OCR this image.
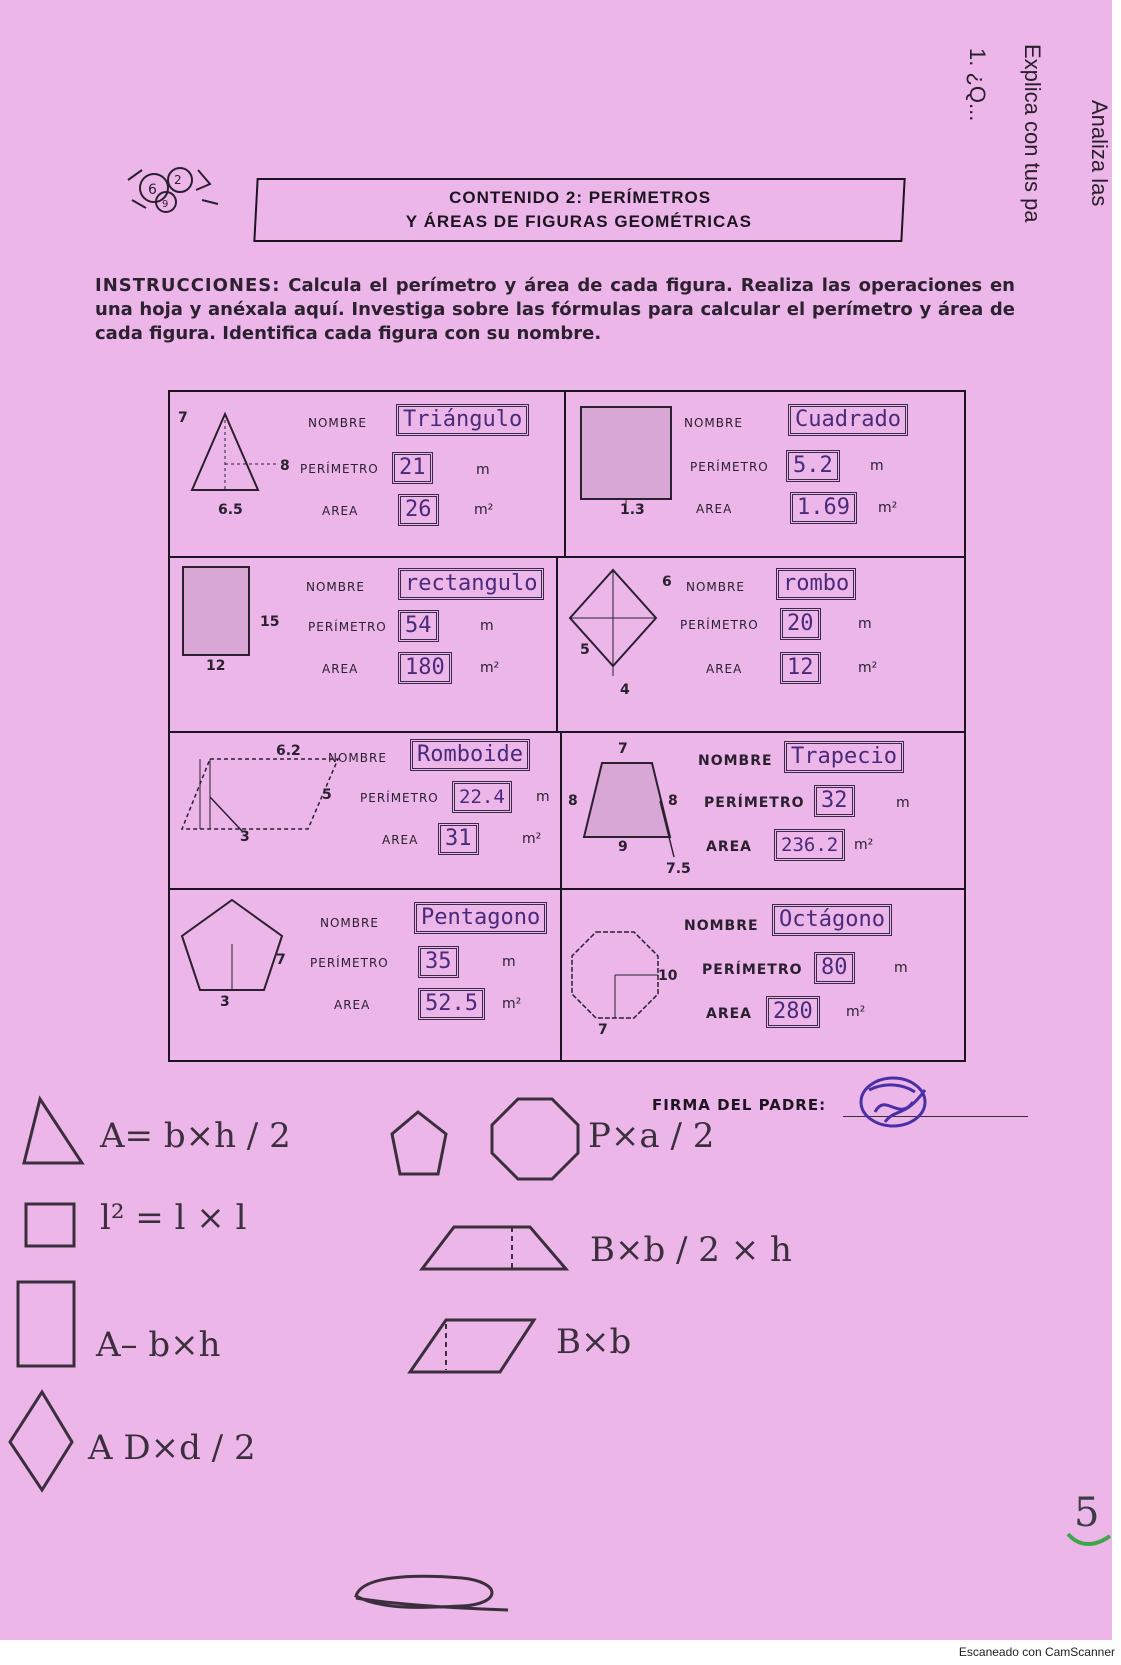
Analiza las
Explica con tus pa
1. ¿Q...
6
2
9	CONTENIDO 2: PERÍMETROS
Y ÁREAS DE FIGURAS GEOMÉTRICAS
INSTRUCCIONES: Calcula el perímetro y área de cada figura. Realiza las operaciones en una hoja y anéxala aquí. Investiga sobre las fórmulas para calcular el perímetro y área de cada figura. Identifica cada figura con su nombre.
7
8
6.5
NOMBRE	Triángulo
PERÍMETRO 21	m
AREA	26	m²	1.3
NOMBRE	Cuadrado
PERÍMETRO	5.2	m
AREA	1.69	m²
15
12
NOMBRE	rectangulo
PERÍMETRO 54	m
AREA	180	m²
6
5
4
NOMBRE	rombo
PERÍMETRO	20	m
AREA	12	m²
6.2
5
3
NOMBRE	Romboide
PERÍMETRO	22.4	m
AREA	31	m²
7
8	8
9
7.5
NOMBRE Trapecio
PERÍMETRO 32	m
AREA	236.2	m²
7
3
NOMBRE	Pentagono
PERÍMETRO	35	m
AREA	52.5	m²
10
7
NOMBRE Octágono
PERÍMETRO 80	m
AREA 280	m²
FIRMA DEL PADRE:
A= b×h / 2
l² = l × l
A– b×h
A D×d / 2
P×a / 2
B×b / 2 × h
B×b
5
Escaneado con CamScanner
